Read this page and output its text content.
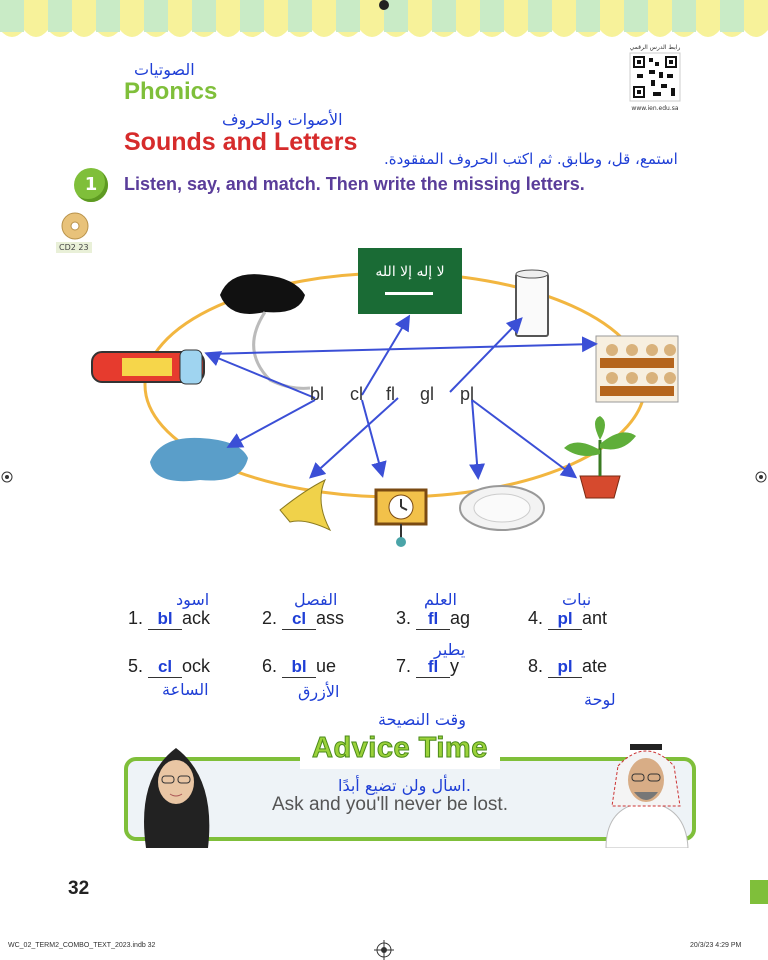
رابط الدرس الرقمي
www.ien.edu.sa
الصوتيات
Phonics
الأصوات والحروف
Sounds and Letters
استمع، قل، وطابق. ثم اكتب الحروف المفقودة.
1	Listen, say, and match. Then write the missing letters.
CD2 23
لا إله إلا الله
bl cl fl gl pl
اسود
1. bl ack
الفصل
2. cl ass
العلم
3. fl ag
نبات
4. pl ant
5. cl ock
الساعة
6. bl ue
الأزرق
يطير
7. fl y	8. pl ate
لوحة
وقت النصيحة
Advice Time
اسأل ولن تضيع أبدًا.
Ask and you'll never be lost.
32
WC_02_TERM2_COMBO_TEXT_2023.indb 32	20/3/23 4:29 PM
